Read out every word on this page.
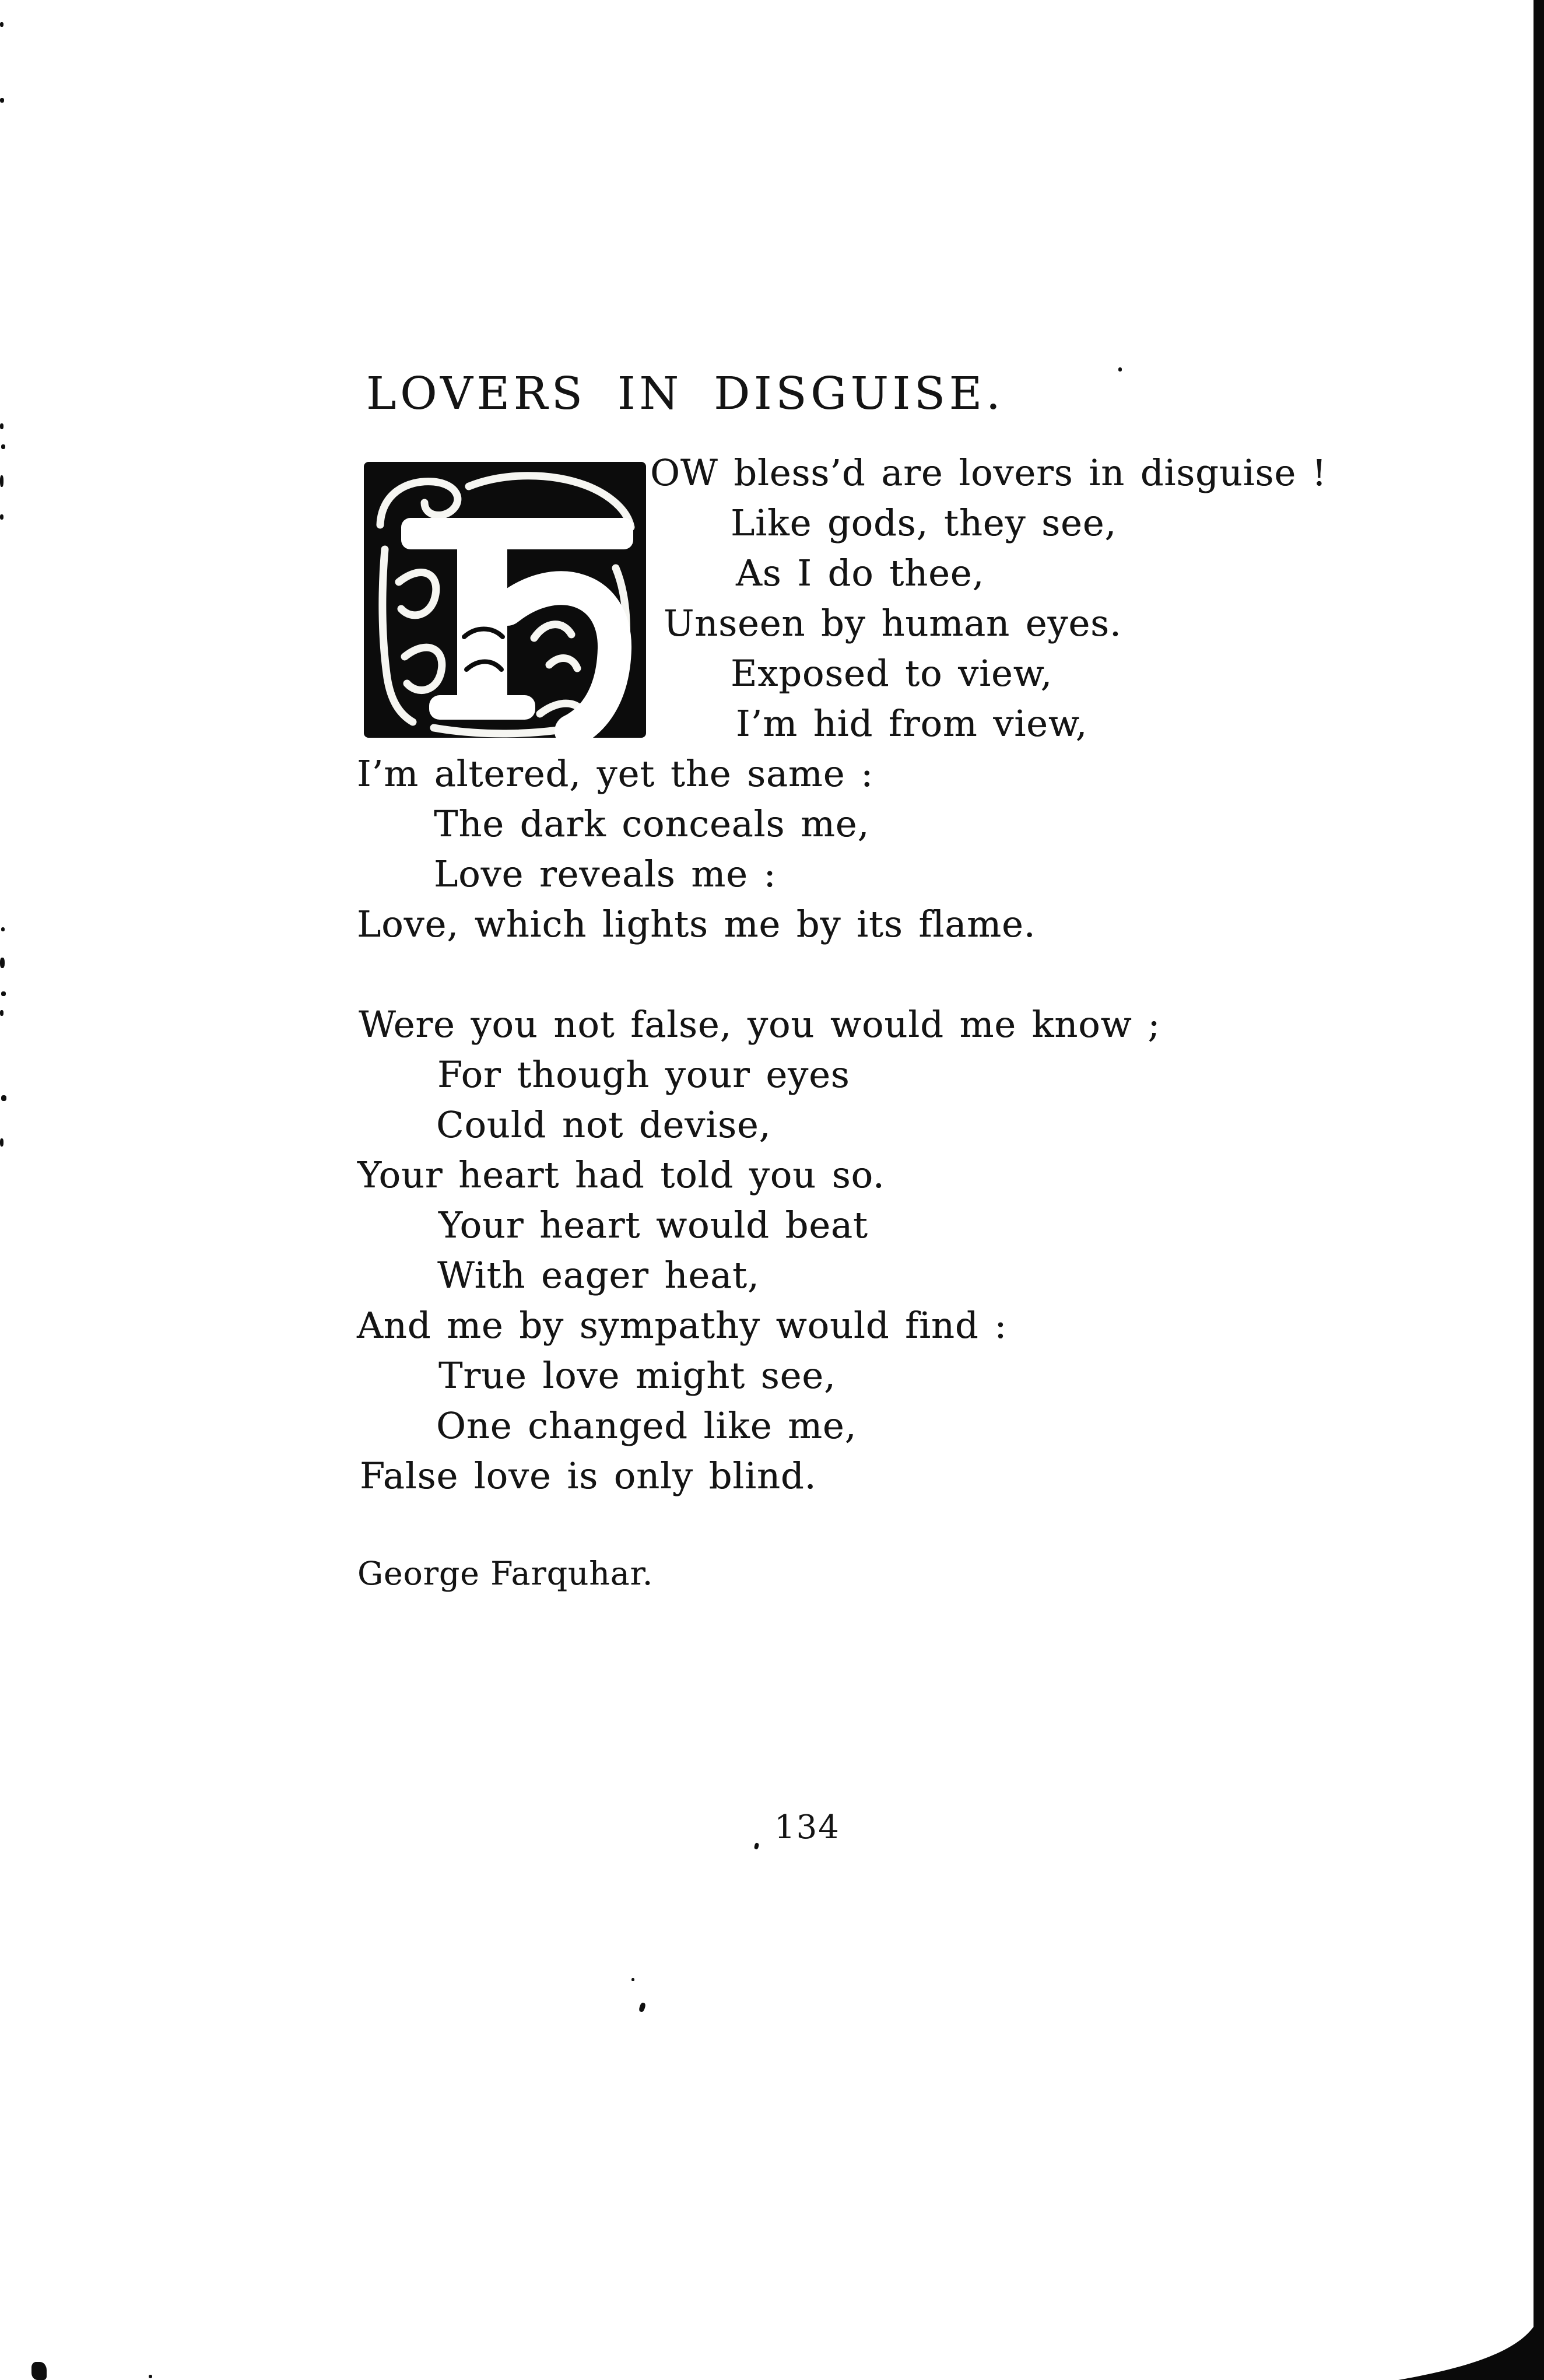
LOVERS IN DISGUISE.
OW bless’d are lovers in disguise !
Like gods, they see,
As I do thee,
Unseen by human eyes.
Exposed to view,
I’m hid from view,
I’m altered, yet the same :
The dark conceals me,
Love reveals me :
Love, which lights me by its flame.
Were you not false, you would me know ;
For though your eyes
Could not devise,
Your heart had told you so.
Your heart would beat
With eager heat,
And me by sympathy would find :
True love might see,
One changed like me,
False love is only blind.
George Farquhar.
134
